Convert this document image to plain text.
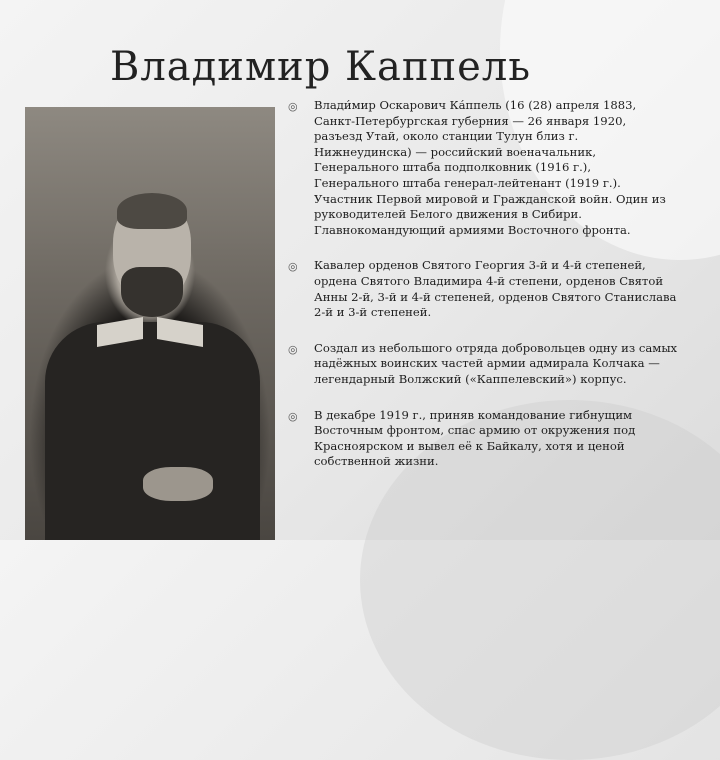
Владимир Каппель
◎ Влади́мир Оскарович Ка́ппель (16 (28) апреля 1883, Санкт-Петербургская губерния — 26 января 1920, разъезд Утай, около станции Тулун близ г. Нижнеудинска) — российский военачальник, Генерального штаба подполковник (1916 г.), Генерального штаба генерал-лейтенант (1919 г.). Участник Первой мировой и Гражданской войн. Один из руководителей Белого движения в Сибири. Главнокомандующий армиями Восточного фронта.
◎ Кавалер орденов Святого Георгия 3-й и 4-й степеней, ордена Святого Владимира 4-й степени, орденов Святой Анны 2-й, 3-й и 4-й степеней, орденов Святого Станислава 2-й и 3-й степеней.
◎ Создал из небольшого отряда добровольцев одну из самых надёжных воинских частей армии адмирала Колчака — легендарный Волжский («Каппелевский») корпус.
◎ В декабре 1919 г., приняв командование гибнущим Восточным фронтом, спас армию от окружения под Красноярском и вывел её к Байкалу, хотя и ценой собственной жизни.
